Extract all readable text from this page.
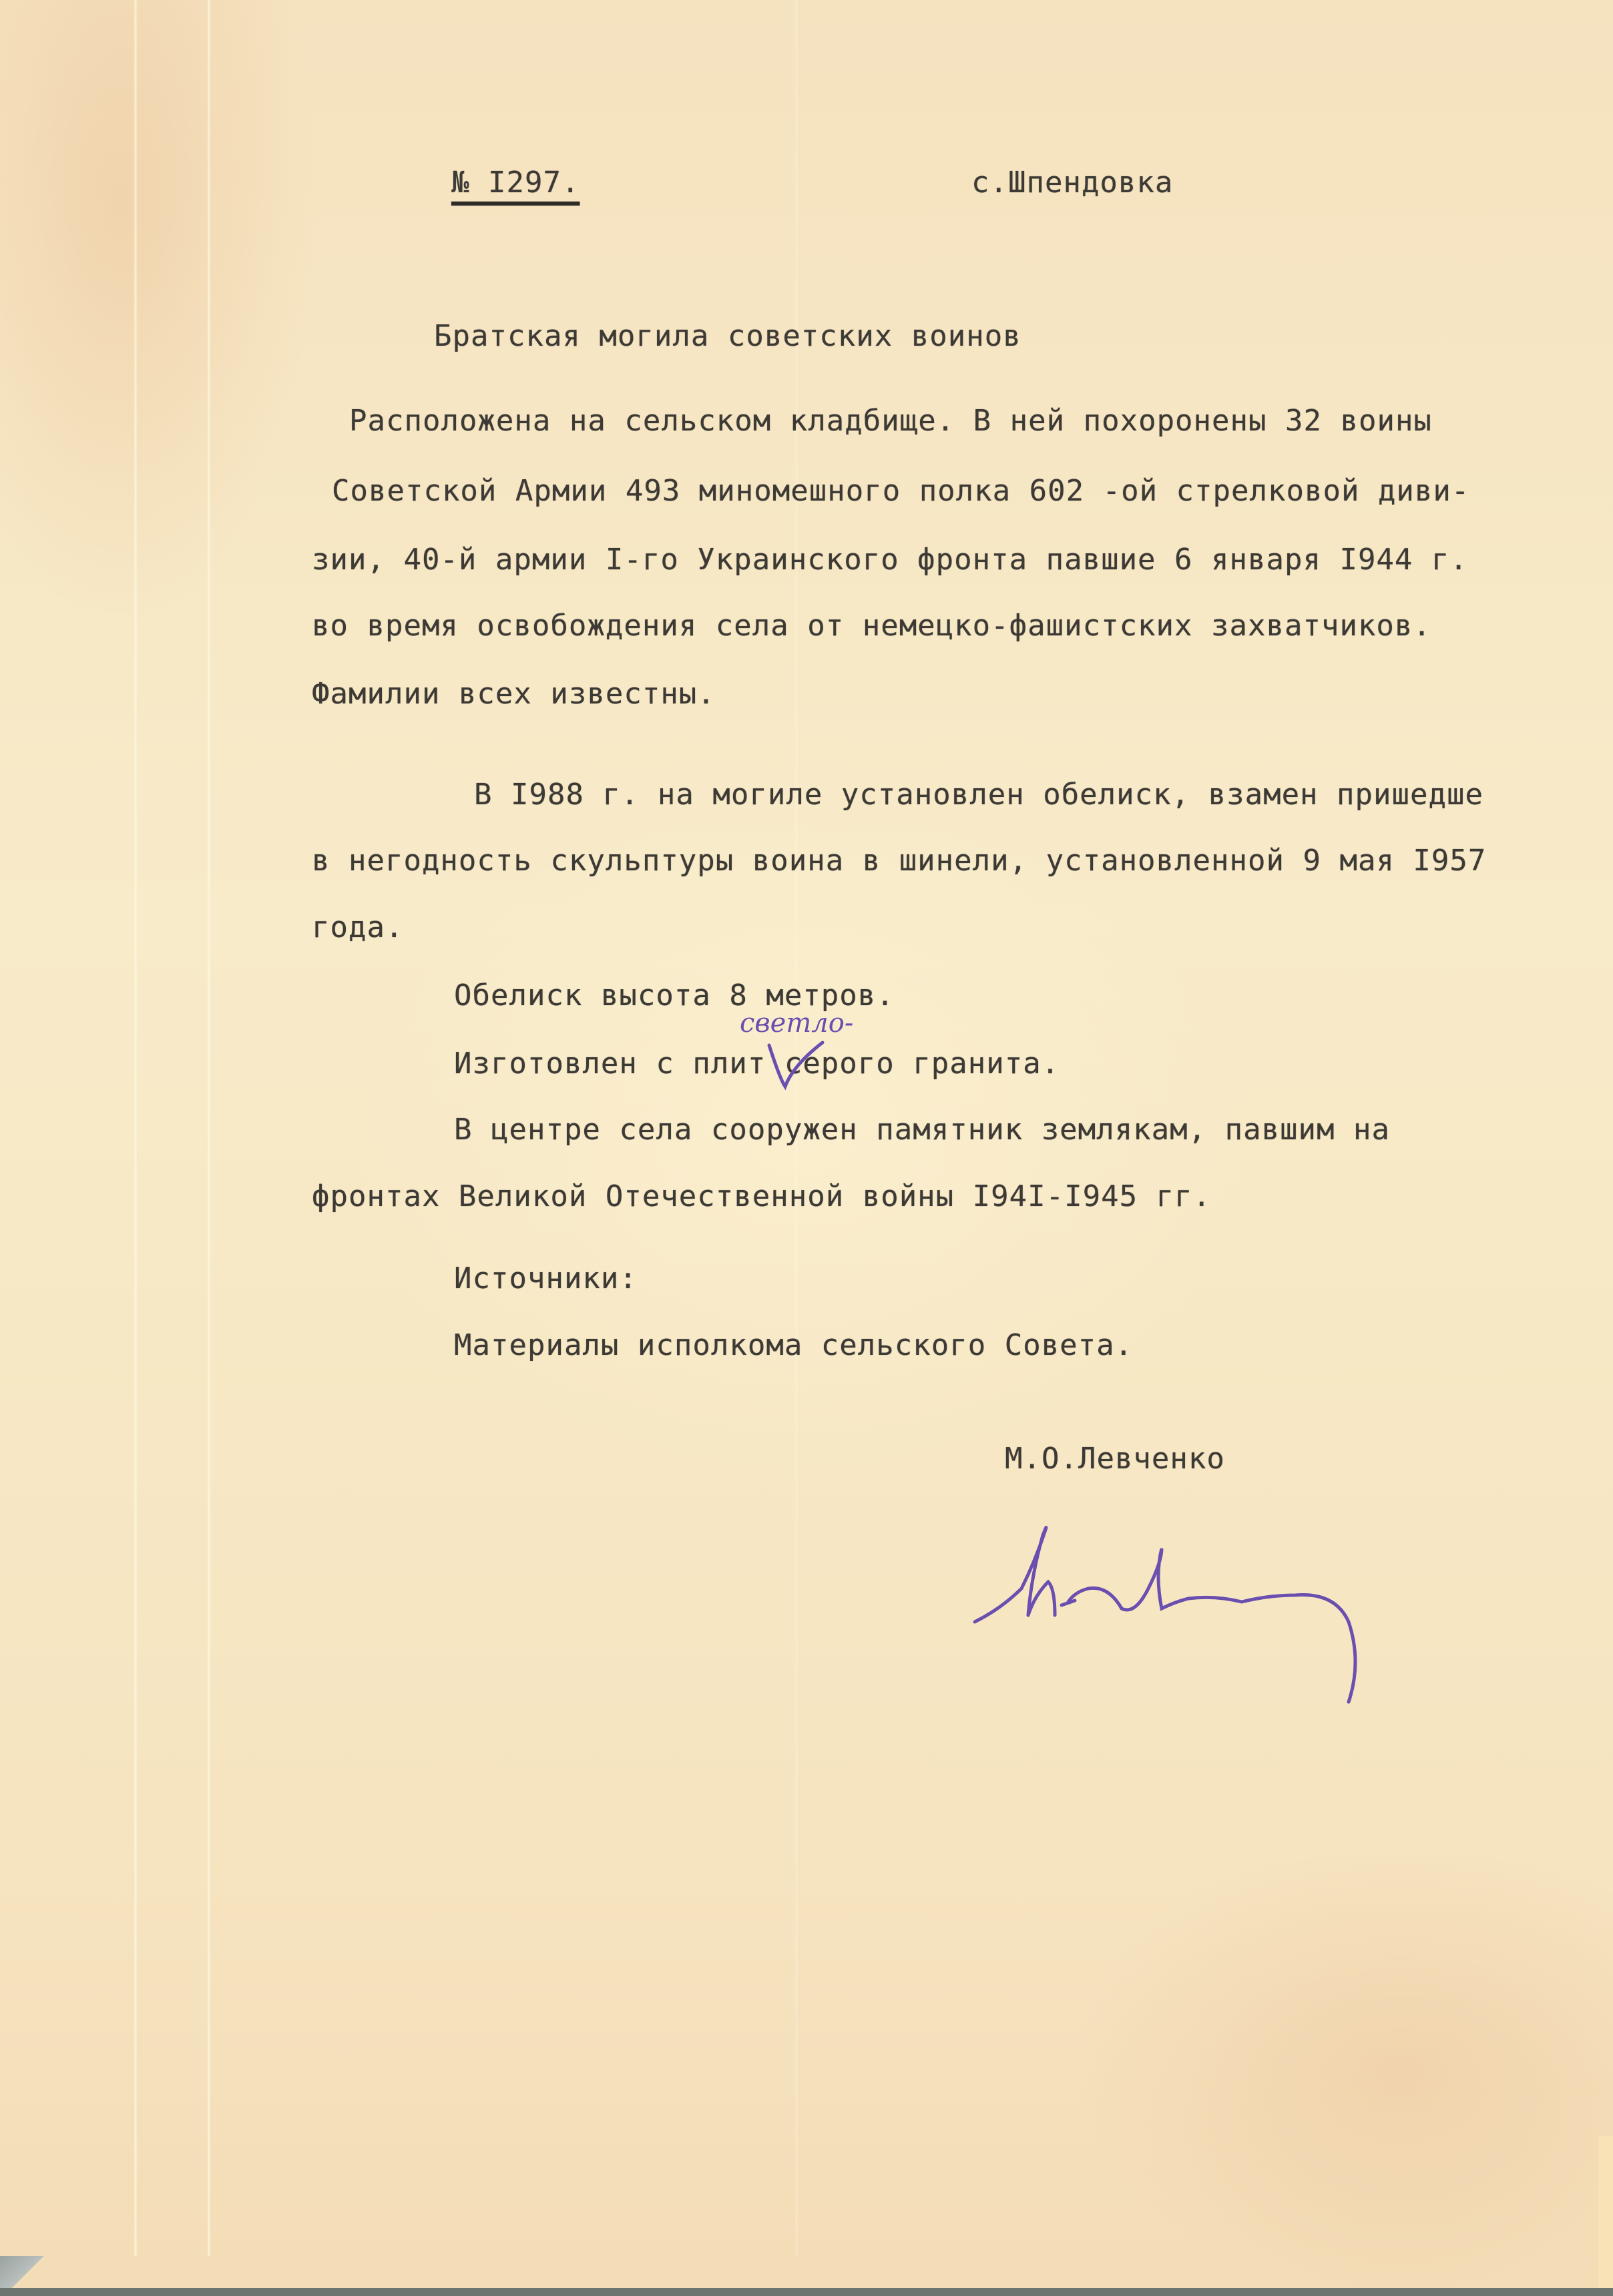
№ I297.	с.Шпендовка

Братская могила советских воинов

Расположена на сельском кладбище. В ней похоронены 32 воины

Советской Армии 493 миномешного полка 602 -ой стрелковой диви-

зии, 40-й армии I-го Украинского фронта павшие 6 января I944 г.

во время освобождения села от немецко-фашистских захватчиков.

Фамилии всех известны.

В I988 г. на могиле установлен обелиск, взамен пришедше

в негодность скульптуры воина в шинели, установленной 9 мая I957

года.

Обелиск высота 8 метров.

Изготовлен с плит серого гранита.

светло-

В центре села сооружен памятник землякам, павшим на

фронтах Великой Отечественной войны I94I-I945 гг.

Источники:

Материалы исполкома сельского Совета.

М.О.Левченко
